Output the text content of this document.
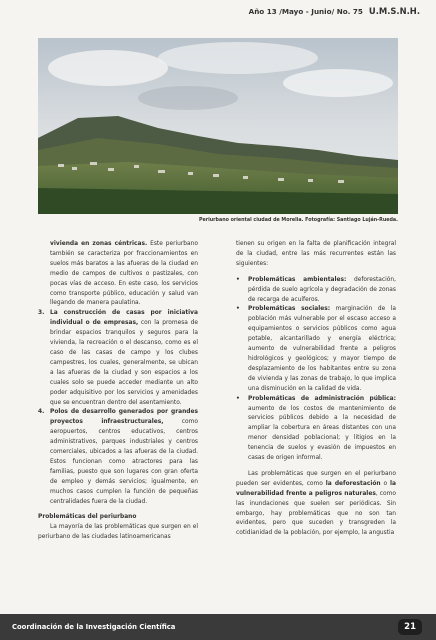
Año 13 /Mayo - Junio/ No. 75 U.M.S.N.H.
Periurbano oriental ciudad de Morelia. Fotografía: Santiago Luján-Rueda.

vivienda en zonas céntricas. Este periurbano también se caracteriza por fraccionamientos en suelos más baratos a las afueras de la ciudad en medio de campos de cultivos o pastizales, con pocas vías de acceso. En este caso, los servicios como transporte público, educación y salud van llegando de manera paulatina.

3. La construcción de casas por iniciativa individual o de empresas, con la promesa de brindar espacios tranquilos y seguros para la vivienda, la recreación o el descanso, como es el caso de las casas de campo y los clubes campestres, los cuales, generalmente, se ubican a las afueras de la ciudad y son espacios a los cuales solo se puede acceder mediante un alto poder adquisitivo por los servicios y amenidades que se encuentran dentro del asentamiento.
4. Polos de desarrollo generados por grandes proyectos infraestructurales, como aeropuertos, centros educativos, centros administrativos, parques industriales y centros comerciales, ubicados a las afueras de la ciudad. Estos funcionan como atractores para las familias, puesto que son lugares con gran oferta de empleo y demás servicios; igualmente, en muchos casos cumplen la función de pequeñas centralidades fuera de la ciudad.

Problemáticas del periurbano

La mayoría de las problemáticas que surgen en el periurbano de las ciudades latinoamericanas

tienen su origen en la falta de planificación integral de la ciudad, entre las más recurrentes están las siguientes:

•	Problemáticas ambientales: deforestación, pérdida de suelo agrícola y degradación de zonas de recarga de acuíferos.
•	Problemáticas sociales: marginación de la población más vulnerable por el escaso acceso a equipamientos o servicios públicos como agua potable, alcantarillado y energía eléctrica; aumento de vulnerabilidad frente a peligros hidrológicos y geológicos; y mayor tiempo de desplazamiento de los habitantes entre su zona de vivienda y las zonas de trabajo, lo que implica una disminución en la calidad de vida.
•	Problemáticas de administración pública: aumento de los costos de mantenimiento de servicios públicos debido a la necesidad de ampliar la cobertura en áreas distantes con una menor densidad poblacional; y litigios en la tenencia de suelos y evasión de impuestos en casas de origen informal.

Las problemáticas que surgen en el periurbano pueden ser evidentes, como la deforestación o la vulnerabilidad frente a peligros naturales, como las inundaciones que suelen ser periódicas. Sin embargo, hay problemáticas que no son tan evidentes, pero que suceden y transgreden la cotidianidad de la población, por ejemplo, la angustia

Coordinación de la Investigación Científica	21
